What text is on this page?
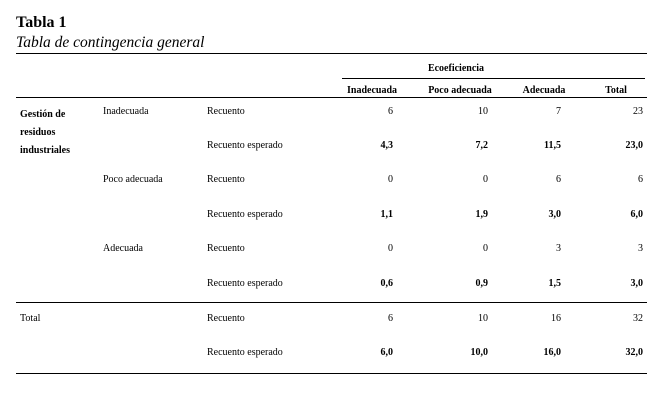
Tabla 1
Tabla de contingencia general
Ecoeficiencia
Inadecuada	Poco adecuada	Adecuada	Total
Gestión de
residuos
industriales
Inadecuada	Recuento	6	10	7	23
Recuento esperado	4,3	7,2	11,5	23,0
Poco adecuada	Recuento	0	0	6	6
Recuento esperado	1,1	1,9	3,0	6,0
Adecuada	Recuento	0	0	3	3
Recuento esperado	0,6	0,9	1,5	3,0
Total	Recuento	6	10	16	32
Recuento esperado	6,0	10,0	16,0	32,0
